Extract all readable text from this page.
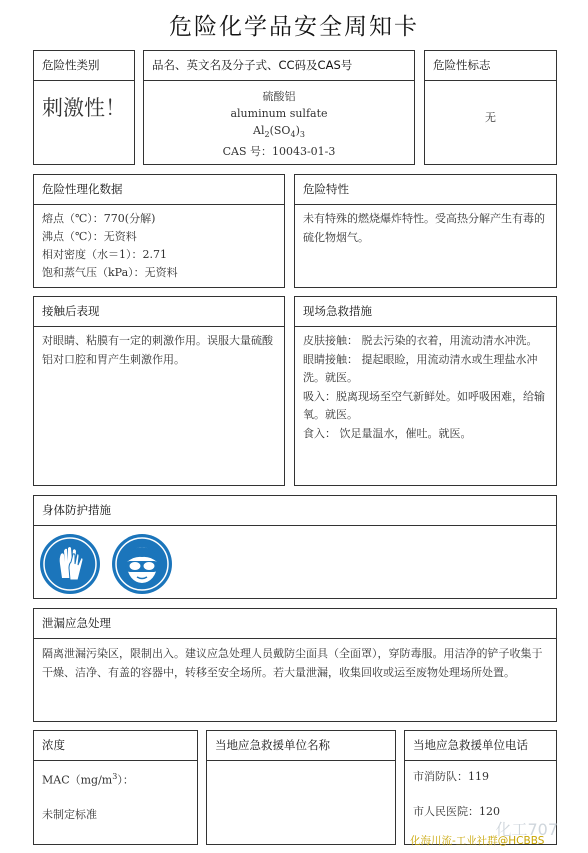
危险化学品安全周知卡
危险性类别
刺激性！
品名、英文名及分子式、CC码及CAS号
硫酸铝
aluminum sulfate
$Al_2(SO_4)_3$
CAS 号：10043-01-3
危险性标志
无
危险性理化数据
熔点（℃）：770(分解)
沸点（℃）：无资料
相对密度（水＝1）：2.71
饱和蒸气压（kPa）：无资料
危险特性
未有特殊的燃烧爆炸特性。受高热分解产生有毒的硫化物烟气。
接触后表现
对眼睛、粘膜有一定的刺激作用。误服大量硫酸铝对口腔和胃产生刺激作用。
现场急救措施
皮肤接触： 脱去污染的衣着，用流动清水冲洗。
眼睛接触： 提起眼睑，用流动清水或生理盐水冲洗。就医。
吸入：脱离现场至空气新鲜处。如呼吸困难，给输氧。就医。
食入： 饮足量温水，催吐。就医。
身体防护措施
泄漏应急处理
隔离泄漏污染区，限制出入。建议应急处理人员戴防尘面具（全面罩），穿防毒服。用洁净的铲子收集于干燥、洁净、有盖的容器中，转移至安全场所。若大量泄漏，收集回收或运至废物处理场所处置。
浓度
$MAC(mg/m^3)$：
未制定标准
当地应急救援单位名称	当地应急救援单位电话
市消防队：119
市人民医院：120
化工707
化海川流-工业社群@HCBBS
